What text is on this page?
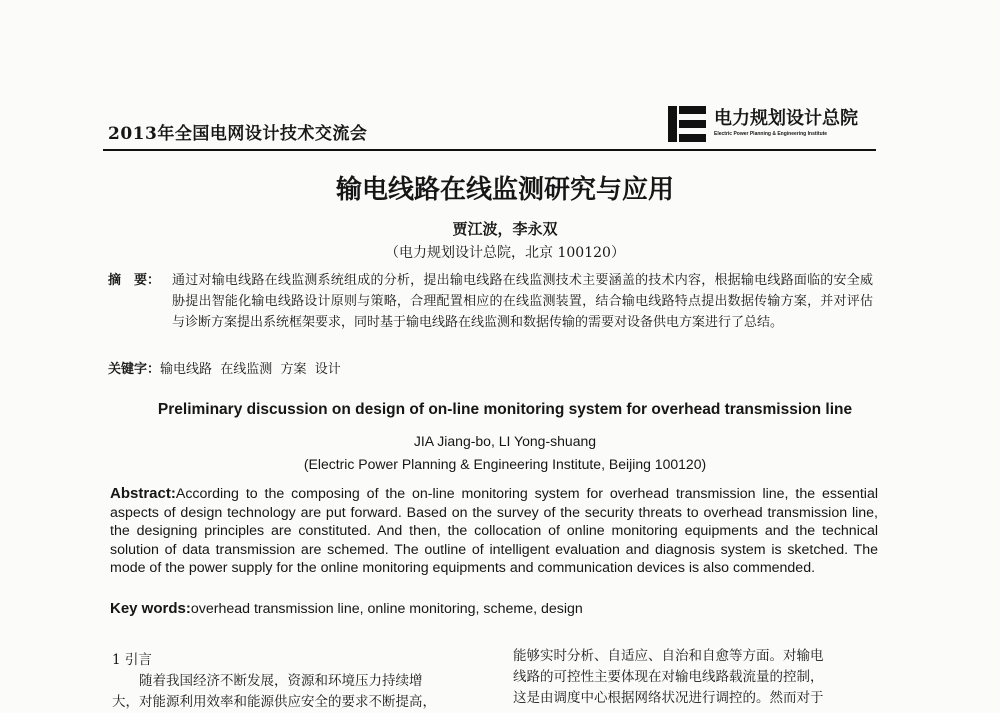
2013年全国电网设计技术交流会
电力规划设计总院
Electric Power Planning & Engineering Institute
输电线路在线监测研究与应用
贾江波，李永双
（电力规划设计总院，北京 100120）
摘　要： 通过对输电线路在线监测系统组成的分析，提出输电线路在线监测技术主要涵盖的技术内容，根据输电线路面临的安全威胁提出智能化输电线路设计原则与策略，合理配置相应的在线监测装置，结合输电线路特点提出数据传输方案，并对评估与诊断方案提出系统框架要求，同时基于输电线路在线监测和数据传输的需要对设备供电方案进行了总结。
关键字：输电线路  在线监测  方案  设计
Preliminary discussion on design of on-line monitoring system for overhead transmission line
JIA Jiang-bo, LI Yong-shuang
(Electric Power Planning & Engineering Institute, Beijing 100120)
Abstract:According to the composing of the on-line monitoring system for overhead transmission line, the essential aspects of design technology are put forward. Based on the survey of the security threats to overhead transmission line, the designing principles are constituted. And then, the collocation of online monitoring equipments and the technical solution of data transmission are schemed. The outline of intelligent evaluation and diagnosis system is sketched. The mode of the power supply for the online monitoring equipments and communication devices is also commended.
Key words:overhead transmission line, online monitoring, scheme, design
1 引言
随着我国经济不断发展，资源和环境压力持续增
大，对能源利用效率和能源供应安全的要求不断提高，
能够实时分析、自适应、自治和自愈等方面。对输电
线路的可控性主要体现在对输电线路载流量的控制，
这是由调度中心根据网络状况进行调控的。然而对于
